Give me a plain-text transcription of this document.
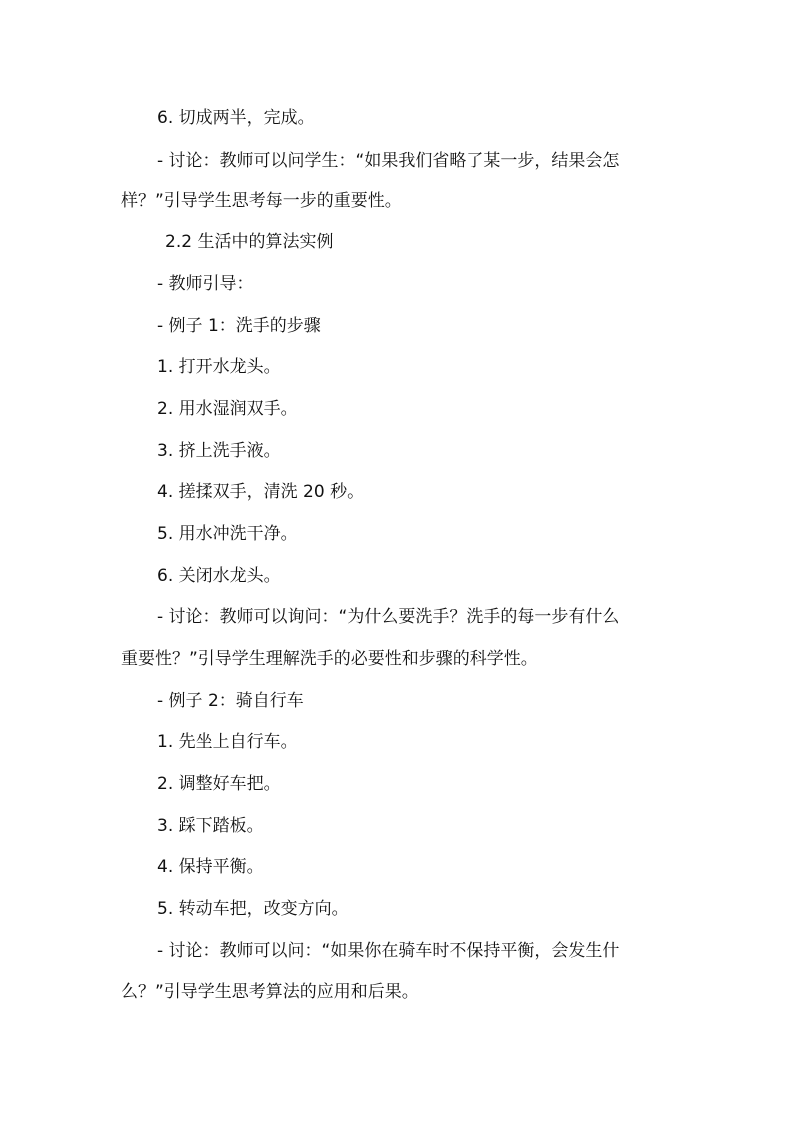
6. 切成两半，完成。
- 讨论：教师可以问学生：“如果我们省略了某一步，结果会怎
样？”引导学生思考每一步的重要性。
2.2 生活中的算法实例
- 教师引导：
- 例子 1：洗手的步骤
1. 打开水龙头。
2. 用水湿润双手。
3. 挤上洗手液。
4. 搓揉双手，清洗 20 秒。
5. 用水冲洗干净。
6. 关闭水龙头。
- 讨论：教师可以询问：“为什么要洗手？洗手的每一步有什么
重要性？”引导学生理解洗手的必要性和步骤的科学性。
- 例子 2：骑自行车
1. 先坐上自行车。
2. 调整好车把。
3. 踩下踏板。
4. 保持平衡。
5. 转动车把，改变方向。
- 讨论：教师可以问：“如果你在骑车时不保持平衡，会发生什
么？”引导学生思考算法的应用和后果。
